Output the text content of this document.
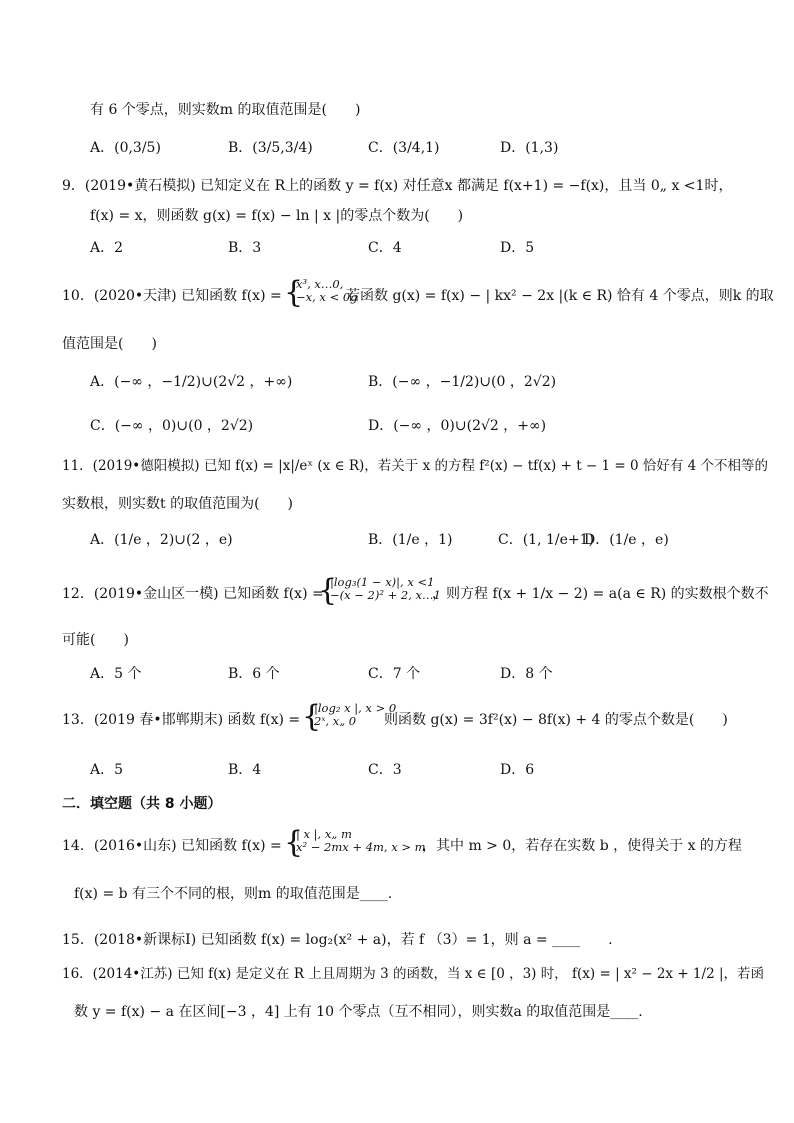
有 6 个零点，则实数m 的取值范围是(　　)
A．(0,3/5)	B．(3/5,3/4)	C．(3/4,1)	D．(1,3)
9．(2019•黄石模拟) 已知定义在 R上的函数 y = f(x) 对任意x 都满足 f(x+1) = −f(x)，且当 0„ x <1时，
f(x) = x，则函数 g(x) = f(x) − ln | x |的零点个数为(　　)
A．2	B．3	C．4	D．5
10．(2020•天津) 已知函数 f(x) = {
x³, x…0,
−x, x < 0g
若函数 g(x) = f(x) − | kx² − 2x |(k ∈ R) 恰有 4 个零点，则k 的取
值范围是(　　)
A．(−∞ ，−1/2)∪(2√2 ，+∞)	B．(−∞ ，−1/2)∪(0 ，2√2)
C．(−∞ ，0)∪(0 ，2√2)	D．(−∞ ，0)∪(2√2 ，+∞)
11．(2019•德阳模拟) 已知 f(x) = |x|/eˣ (x ∈ R)，若关于 x 的方程 f²(x) − tf(x) + t − 1 = 0 恰好有 4 个不相等的
实数根，则实数t 的取值范围为(　　)
A．(1/e ，2)∪(2 ，e)	B．(1/e ，1)	C．(1, 1/e+1)
D．(1/e ，e)
12．(2019•金山区一模) 已知函数 f(x) =
{
|log₃(1 − x)|, x <1
−(x − 2)² + 2, x…1
，则方程 f(x + 1/x − 2) = a(a ∈ R) 的实数根个数不
可能(　　)
A．5 个	B．6 个	C．7 个	D．8 个
13．(2019 春•邯郸期末) 函数 f(x) = {
|log₂ x |, x > 0
2ˣ, x„ 0	则函数 g(x) = 3f²(x) − 8f(x) + 4 的零点个数是(　　)
A．5	B．4	C．3	D．6
二．填空题（共 8 小题）
14．(2016•山东) 已知函数 f(x) = {
| x |, x„ m
x² − 2mx + 4m, x > m
，其中 m > 0，若存在实数 b ，使得关于 x 的方程
f(x) = b 有三个不同的根，则m 的取值范围是____.
15．(2018•新课标Ⅰ) 已知函数 f(x) = log₂(x² + a)，若 f （3）= 1，则 a = ____　　.
16．(2014•江苏) 已知 f(x) 是定义在 R 上且周期为 3 的函数，当 x ∈ [0 ，3) 时， f(x) = | x² − 2x + 1/2 |，若函
数 y = f(x) − a 在区间[−3 ，4] 上有 10 个零点（互不相同），则实数a 的取值范围是____.
